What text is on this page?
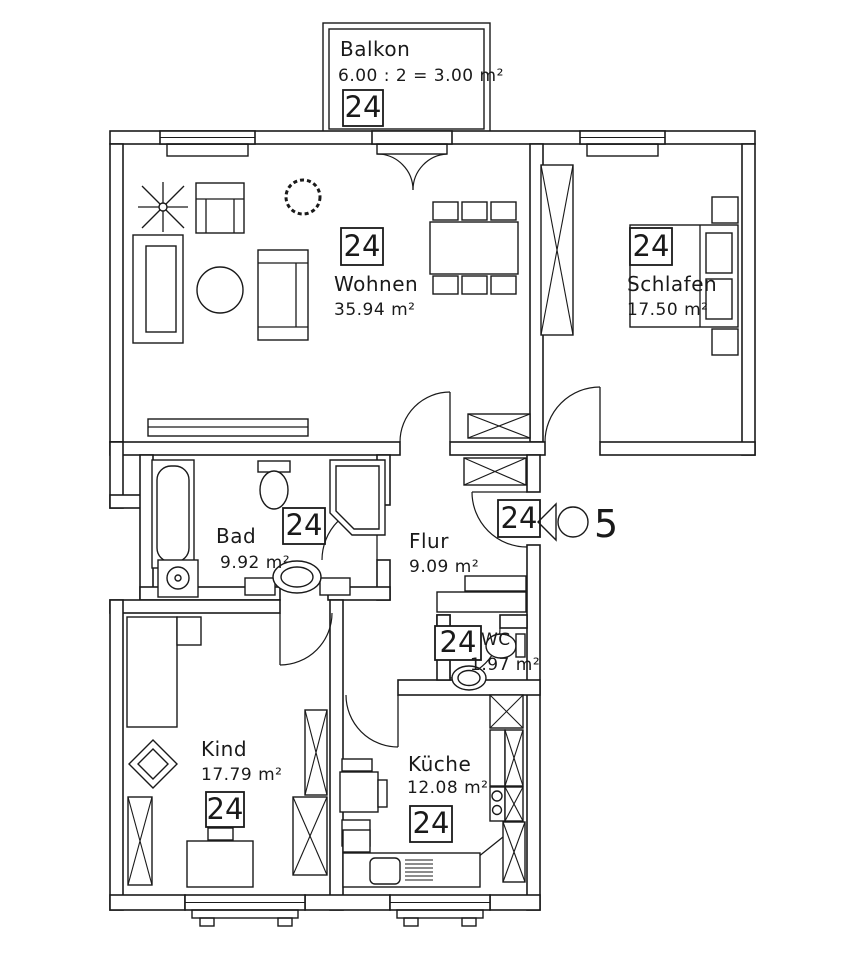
Balkon
6.00 : 2 = 3.00 m²
24
24
Wohnen
35.94 m²
24
Schlafen
17.50 m²
Bad
9.92 m²
24	Flur
9.09 m²
24 5
24 WC
1.97 m²
Kind
17.79 m²
24
Küche
12.08 m²
24
